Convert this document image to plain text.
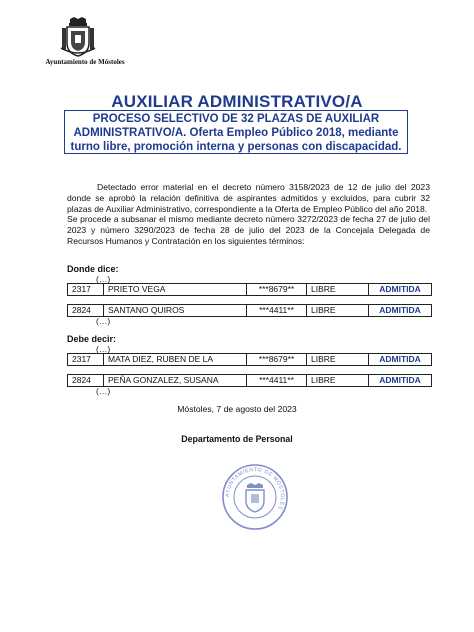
Ayuntamiento de Móstoles
AUXILIAR ADMINISTRATIVO/A
PROCESO SELECTIVO DE 32 PLAZAS DE AUXILIAR
ADMINISTRATIVO/A. Oferta Empleo Público 2018, mediante
turno libre, promoción interna y personas con discapacidad.

Detectado error material en el decreto número 3158/2023 de 12 de julio del 2023 donde se aprobó la relación definitiva de aspirantes admitidos y excluidos, para cubrir 32 plazas de Auxiliar Administrativo, correspondiente a la Oferta de Empleo Público del año 2018.

Se procede a subsanar el mismo mediante decreto número 3272/2023 de fecha 27 de julio del 2023 y número 3290/2023 de fecha 28 de julio del 2023 de la Concejala Delegada de Recursos Humanos y Contratación en los siguientes términos:

Donde dice:
(…)
2317	PRIETO VEGA	***8679**	LIBRE	ADMITIDA

2824	SANTANO QUIROS	***4411**	LIBRE	ADMITIDA
(…)
Debe decir:
(…)
2317	MATA DIEZ, RUBEN DE LA	***8679**	LIBRE	ADMITIDA

2824	PEÑA GONZALEZ, SUSANA	***4411**	LIBRE	ADMITIDA
(…)
Móstoles, 7 de agosto del 2023
Departamento de Personal
AYUNTAMIENTO DE MOSTOLES
